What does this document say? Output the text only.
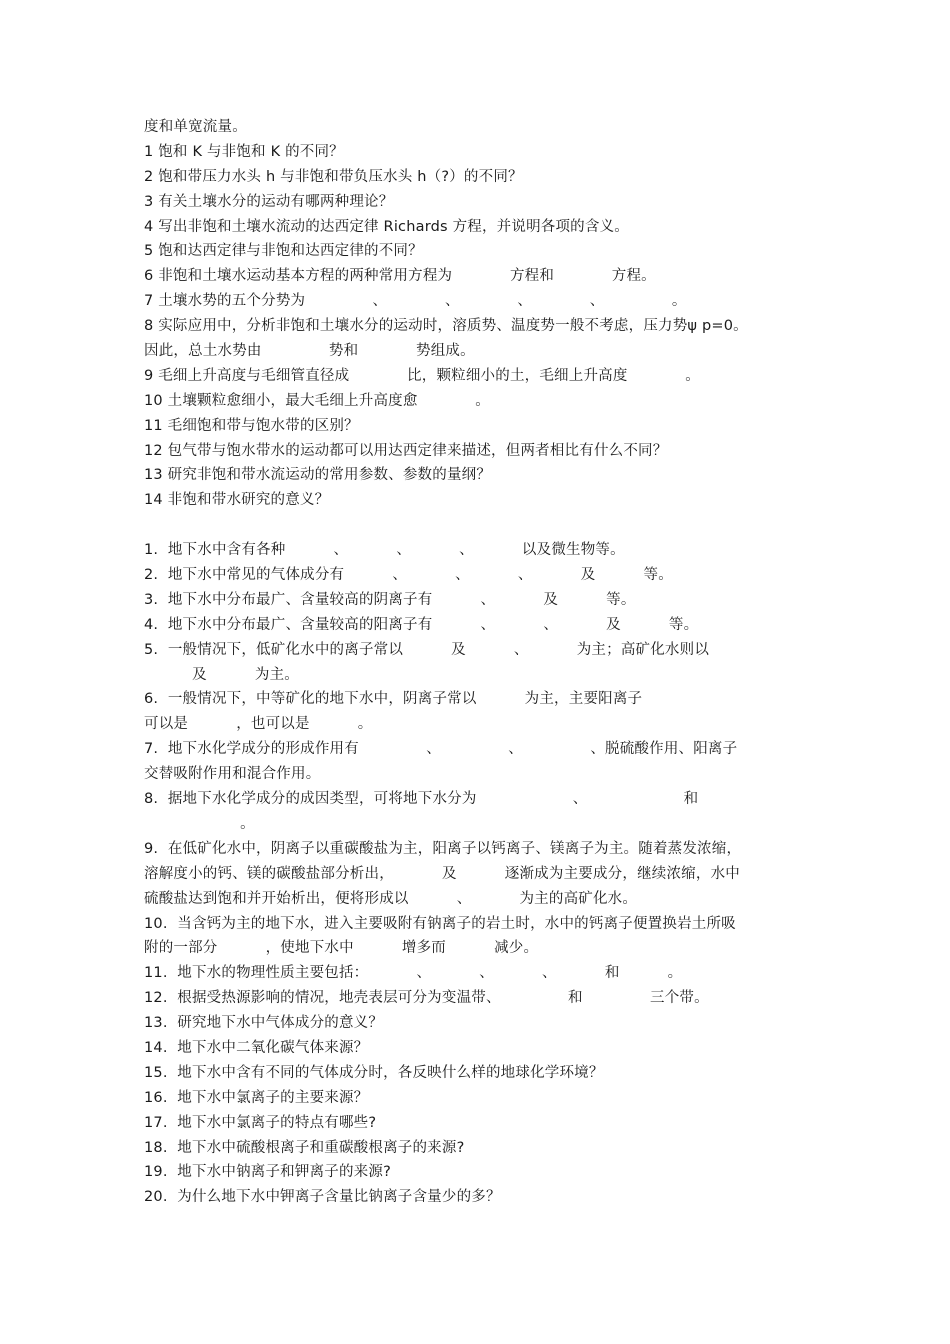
度和单宽流量。
1 饱和 K 与非饱和 K 的不同？
2 饱和带压力水头 h 与非饱和带负压水头 h（?）的不同？
3 有关土壤水分的运动有哪两种理论？
4 写出非饱和土壤水流动的达西定律 Richards 方程，并说明各项的含义。
5 饱和达西定律与非饱和达西定律的不同？
6 非饱和土壤水运动基本方程的两种常用方程为            方程和            方程。
7 土壤水势的五个分势为              、            、            、            、              。
8 实际应用中，分析非饱和土壤水分的运动时，溶质势、温度势一般不考虑，压力势ψ p=0。
因此，总土水势由              势和            势组成。
9 毛细上升高度与毛细管直径成            比，颗粒细小的土，毛细上升高度            。
10 土壤颗粒愈细小，最大毛细上升高度愈            。
11 毛细饱和带与饱水带的区别？
12 包气带与饱水带水的运动都可以用达西定律来描述，但两者相比有什么不同？
13 研究非饱和带水流运动的常用参数、参数的量纲？
14 非饱和带水研究的意义？
1.  地下水中含有各种          、          、          、          以及微生物等。
2.  地下水中常见的气体成分有          、          、          、          及          等。
3.  地下水中分布最广、含量较高的阴离子有          、          及          等。
4.  地下水中分布最广、含量较高的阳离子有          、          、          及          等。
5.  一般情况下，低矿化水中的离子常以          及          、          为主；高矿化水则以
及          为主。
6.  一般情况下，中等矿化的地下水中，阴离子常以          为主，主要阳离子
可以是          ，也可以是          。
7.  地下水化学成分的形成作用有              、              、              、脱硫酸作用、阳离子
交替吸附作用和混合作用。
8.  据地下水化学成分的成因类型，可将地下水分为                    、                    和
。
9.  在低矿化水中，阴离子以重碳酸盐为主，阳离子以钙离子、镁离子为主。随着蒸发浓缩，
溶解度小的钙、镁的碳酸盐部分析出，          及          逐渐成为主要成分，继续浓缩，水中
硫酸盐达到饱和并开始析出，便将形成以          、          为主的高矿化水。
10.  当含钙为主的地下水，进入主要吸附有钠离子的岩土时，水中的钙离子便置换岩土所吸
附的一部分          ，使地下水中          增多而          减少。
11.  地下水的物理性质主要包括：          、          、          、          和          。
12.  根据受热源影响的情况，地壳表层可分为变温带、              和              三个带。
13.  研究地下水中气体成分的意义？
14.  地下水中二氧化碳气体来源？
15.  地下水中含有不同的气体成分时，各反映什么样的地球化学环境？
16.  地下水中氯离子的主要来源？
17.  地下水中氯离子的特点有哪些?
18.  地下水中硫酸根离子和重碳酸根离子的来源?
19.  地下水中钠离子和钾离子的来源?
20.  为什么地下水中钾离子含量比钠离子含量少的多？
